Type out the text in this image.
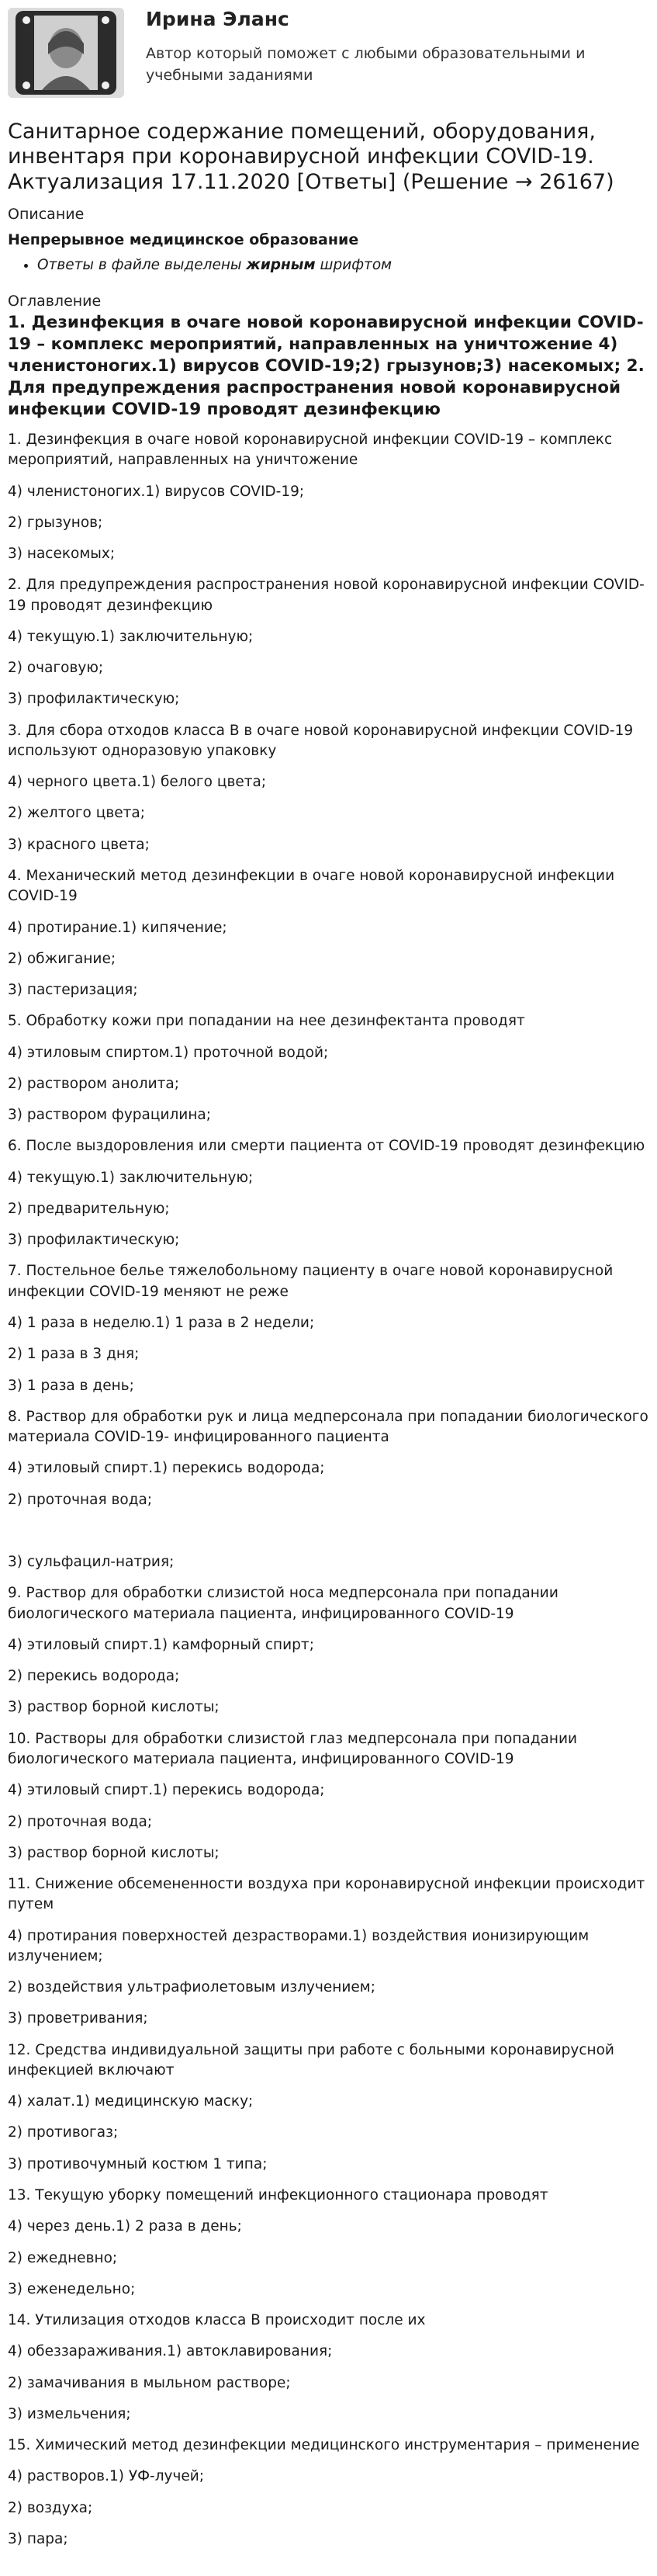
Ирина Эланс
Автор который поможет с любыми образовательными и учебными заданиями
Санитарное содержание помещений, оборудования, инвентаря при коронавирусной инфекции COVID-19. Актуализация 17.11.2020 [Ответы] (Решение → 26167)

Описание

Непрерывное медицинское образование
• Ответы в файле выделены жирным шрифтом

Оглавление

1. Дезинфекция в очаге новой коронавирусной инфекции COVID-19 – комплекс мероприятий, направленных на уничтожение 4) членистоногих.1) вирусов COVID-19;2) грызунов;3) насекомых; 2. Для предупреждения распространения новой коронавирусной инфекции COVID-19 проводят дезинфекцию

1. Дезинфекция в очаге новой коронавирусной инфекции COVID-19 – комплекс мероприятий, направленных на уничтожение

4) членистоногих.1) вирусов COVID-19;

2) грызунов;

3) насекомых;

2. Для предупреждения распространения новой коронавирусной инфекции COVID-19 проводят дезинфекцию

4) текущую.1) заключительную;

2) очаговую;

3) профилактическую;

3. Для сбора отходов класса В в очаге новой коронавирусной инфекции COVID-19 используют одноразовую упаковку

4) черного цвета.1) белого цвета;

2) желтого цвета;

3) красного цвета;

4. Механический метод дезинфекции в очаге новой коронавирусной инфекции COVID-19

4) протирание.1) кипячение;

2) обжигание;

3) пастеризация;

5. Обработку кожи при попадании на нее дезинфектанта проводят

4) этиловым спиртом.1) проточной водой;

2) раствором анолита;

3) раствором фурацилина;

6. После выздоровления или смерти пациента от COVID-19 проводят дезинфекцию

4) текущую.1) заключительную;

2) предварительную;

3) профилактическую;

7. Постельное белье тяжелобольному пациенту в очаге новой коронавирусной инфекции COVID-19 меняют не реже

4) 1 раза в неделю.1) 1 раза в 2 недели;

2) 1 раза в 3 дня;

3) 1 раза в день;

8. Раствор для обработки рук и лица медперсонала при попадании биологического материала COVID-19- инфицированного пациента

4) этиловый спирт.1) перекись водорода;

2) проточная вода;

3) сульфацил-натрия;

9. Раствор для обработки слизистой носа медперсонала при попадании биологического материала пациента, инфицированного COVID-19

4) этиловый спирт.1) камфорный спирт;

2) перекись водорода;

3) раствор борной кислоты;

10. Растворы для обработки слизистой глаз медперсонала при попадании биологического материала пациента, инфицированного COVID-19

4) этиловый спирт.1) перекись водорода;

2) проточная вода;

3) раствор борной кислоты;

11. Снижение обсемененности воздуха при коронавирусной инфекции происходит путем

4) протирания поверхностей дезрастворами.1) воздействия ионизирующим излучением;

2) воздействия ультрафиолетовым излучением;

3) проветривания;

12. Средства индивидуальной защиты при работе с больными коронавирусной инфекцией включают

4) халат.1) медицинскую маску;

2) противогаз;

3) противочумный костюм 1 типа;

13. Текущую уборку помещений инфекционного стационара проводят

4) через день.1) 2 раза в день;

2) ежедневно;

3) еженедельно;

14. Утилизация отходов класса В происходит после их

4) обеззараживания.1) автоклавирования;

2) замачивания в мыльном растворе;

3) измельчения;

15. Химический метод дезинфекции медицинского инструментария – применение

4) растворов.1) УФ-лучей;

2) воздуха;

3) пара;
